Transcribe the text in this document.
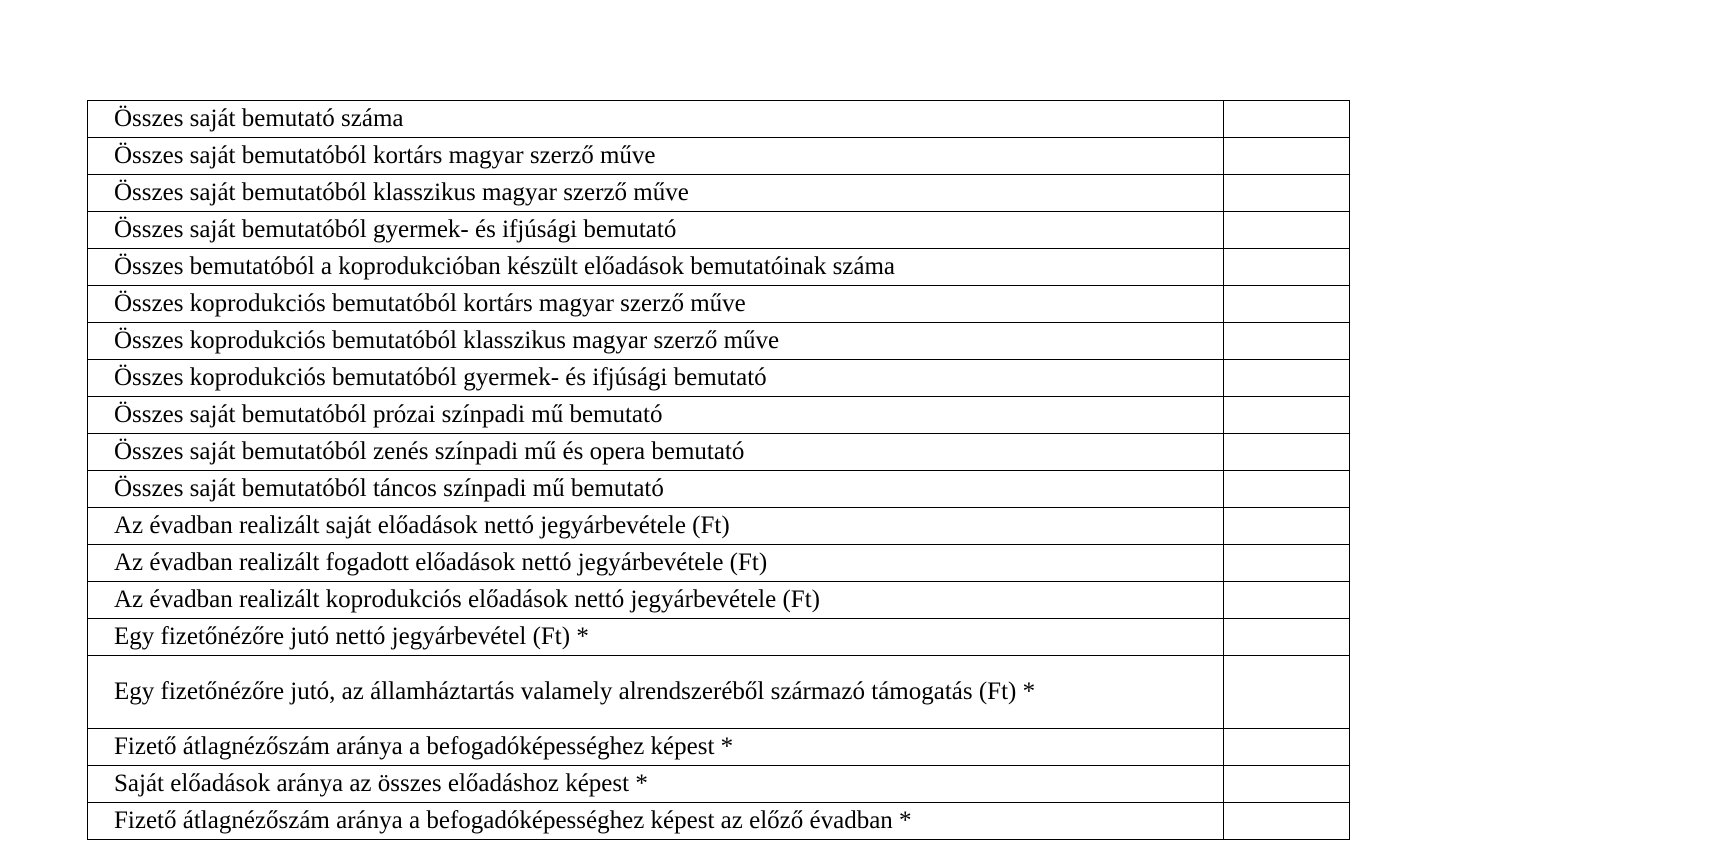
Összes saját bemutató száma	
Összes saját bemutatóból kortárs magyar szerző műve	
Összes saját bemutatóból klasszikus magyar szerző műve	
Összes saját bemutatóból gyermek- és ifjúsági bemutató	
Összes bemutatóból a koprodukcióban készült előadások bemutatóinak száma	
Összes koprodukciós bemutatóból kortárs magyar szerző műve	
Összes koprodukciós bemutatóból klasszikus magyar szerző műve	
Összes koprodukciós bemutatóból gyermek- és ifjúsági bemutató	
Összes saját bemutatóból prózai színpadi mű bemutató	
Összes saját bemutatóból zenés színpadi mű és opera bemutató	
Összes saját bemutatóból táncos színpadi mű bemutató	
Az évadban realizált saját előadások nettó jegyárbevétele (Ft)	
Az évadban realizált fogadott előadások nettó jegyárbevétele (Ft)	
Az évadban realizált koprodukciós előadások nettó jegyárbevétele (Ft)	
Egy fizetőnézőre jutó nettó jegyárbevétel (Ft) *	
Egy fizetőnézőre jutó, az államháztartás valamely alrendszeréből származó támogatás (Ft) *	
Fizető átlagnézőszám aránya a befogadóképességhez képest *	
Saját előadások aránya az összes előadáshoz képest *	
Fizető átlagnézőszám aránya a befogadóképességhez képest az előző évadban *	
